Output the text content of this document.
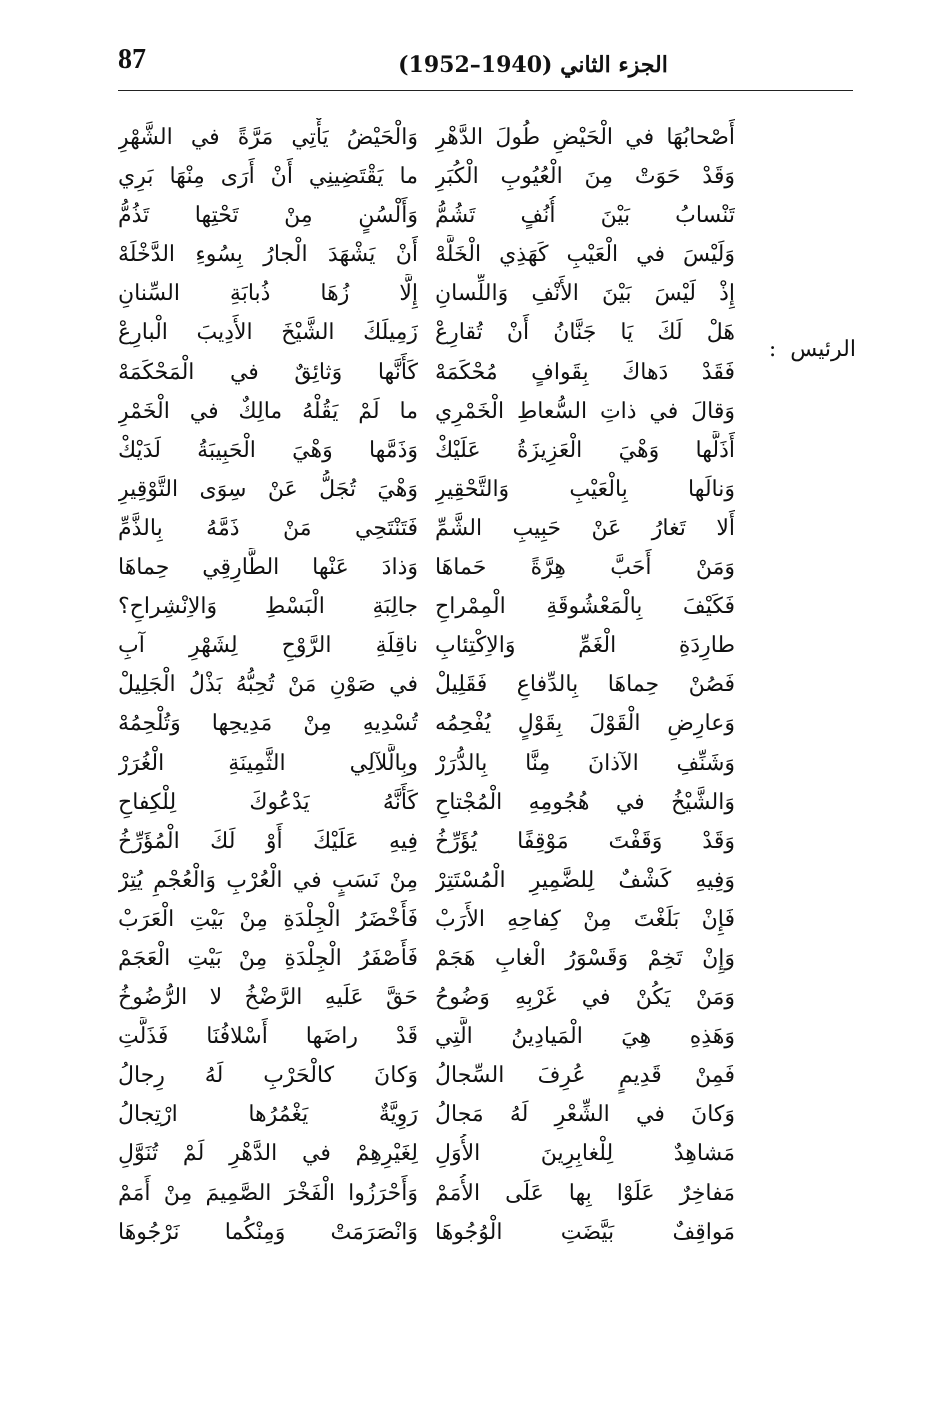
87	الجزء الثاني (1940–1952)
الرئيس
:
أَصْحابُهَا في الْحَيْضِ طُولَ الدَّهْرِ
وَقَدْ حَوَتْ مِنَ الْعُيُوبِ الْكُبَرِ
تَنْسابُ بَيْنَ أُنُفٍ تَشُمُّ
وَلَيْسَ في الْعَيْبِ كَهَذِي الْخَلَّهْ
إِذْ لَيْسَ بَيْنَ الأَنْفِ وَاللِّسانِ
هَلْ لَكَ يَا جَنَّانُ أَنْ تُقارِعْ
فَقَدْ دَهاكَ بِقَوافٍ مُحْكَمَهْ
وَقالَ في ذاتِ السُّعاطِ الْخَمْرِي
أَذَلَّها وَهْيَ الْعَزِيزَةُ عَلَيْكْ
وَنالَها بِالْعَيْبِ وَالتَّحْقِيرِ
أَلا تَغارُ عَنْ حَبِيبِ الشَّمِّ
وَمَنْ أَحَبَّ هِرَّةً حَماهَا
فَكَيْفَ بِالْمَعْشُوقَةِ الْمِمْراحِ
طارِدَةِ الْغَمِّ وَالاِكْتِئابِ
فَصُنْ حِماهَا بِالدِّفاعِ فَقَلِيلْ
وَعارِضِ الْقَوْلَ بِقَوْلٍ يُفْحِمُه
وَشَنِّفِ الآذانَ مِنَّا بِالدُّرَرْ
وَالشَّيْخُ في هُجُومِهِ الْمُجْتاحِ
وَقَدْ وَقَفْتَ مَوْقِفًا يُؤَرِّخُ
وَفِيهِ كَشْفٌ لِلضَّمِيرِ الْمُسْتَتِرْ
فَإِنْ بَلَغْتَ مِنْ كِفاحِهِ الأَرَبْ
وَإِنْ تَخِمْ وَقَسْوَرُ الْغابِ هَجَمْ
وَمَنْ يَكُنْ في غَرْبِهِ وَضُوحُ
وَهَذِهِ هِيَ الْمَيادِينُ الَّتِي
فَمِنْ قَدِيمٍ عُرِفَ السِّجالُ
وَكانَ في الشِّعْرِ لَهُ مَجالُ
مَشاهِدٌ لِلْغابِرِينَ الأُوَلِ
مَفاخِرٌ عَلَوْا بِها عَلَى الأُمَمْ
مَواقِفٌ بَيَّضَتِ الْوُجُوهَا
وَالْحَيْضُ يَأْتِي مَرَّةً في الشَّهْرِ
ما يَقْتَضِينِي أَنْ أَرَى مِنْهَا بَرِي
وَأَلْسُنٍ مِنْ تَحْتِها تَذُمُّ
أَنْ يَشْهَدَ الْجارُ بِسُوءِ الدَّخْلَهْ
إِلَّا زُهَا ذُبابَةِ السِّنانِ
زَمِيلَكَ الشَّيْخَ الأَدِيبَ الْبارِعْ
كَأَنَّها وَثائِقٌ في الْمَحْكَمَهْ
ما لَمْ يَقُلْهُ مالِكٌ في الْخَمْرِ
وَذَمَّها وَهْيَ الْحَبِيبَةُ لَدَيْكْ
وَهْيَ تُجَلُّ عَنْ سِوَى التَّوْقِيرِ
فَتَنْتَحِي مَنْ ذَمَّهُ بِالذَّمِّ
وَذادَ عَنْها الطَّارِقِي حِماهَا
جالِبَةِ الْبَسْطِ وَالاِنْشِراحِ؟
ناقِلَةِ الرَّوْحِ لِشَهْرِ آبِ
في صَوْنِ مَنْ تُحِبُّهُ بَذْلُ الْجَلِيلْ
تُسْدِيهِ مِنْ مَدِيحِها وَتُلْحِمُهْ
وبِالَّلآلِي الثَّمِينَةِ الْغُرَرْ
كَأَنَّهُ يَدْعُوكَ لِلْكِفاحِ
فِيهِ عَلَيْكَ أَوْ لَكَ الْمُؤَرِّخُ
مِنْ نَسَبٍ في الْعُرْبِ وَالْعُجْمِ يُتِرْ
فَأَخْضَرُ الْجِلْدَةِ مِنْ بَيْتِ الْعَرَبْ
فَأَصْفَرُ الْجِلْدَةِ مِنْ بَيْتِ الْعَجَمْ
حَقَّ عَلَيهِ الرَّضْخُ لا الرُّضُوخُ
قَدْ راضَها أَسْلافُنَا فَذَلَّتِ
وَكانَ كالْحَرْبِ لَهُ رِجالُ
رَوِيَّةٌ يَغْمُرُها ارْتِجالُ
لِغَيْرِهِمْ في الدَّهْرِ لَمْ تُنَوَّلِ
وَأَحْرَزُوا الْفَخْرَ الصَّمِيمَ مِنْ أَمَمْ
وَانْصَرَمَتْ وَمِنْكُما نَرْجُوهَا
